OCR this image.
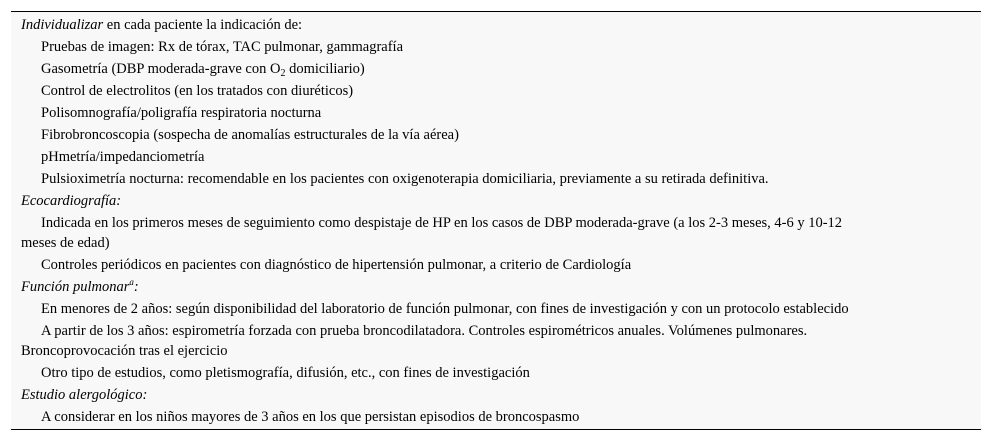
Individualizar en cada paciente la indicación de:
Pruebas de imagen: Rx de tórax, TAC pulmonar, gammagrafía
Gasometría (DBP moderada-grave con $O_2$ domiciliario)
Control de electrolitos (en los tratados con diuréticos)
Polisomnografía/poligrafía respiratoria nocturna
Fibrobroncoscopia (sospecha de anomalías estructurales de la vía aérea)
pHmetría/impedanciometría
Pulsioximetría nocturna: recomendable en los pacientes con oxigenoterapia domiciliaria, previamente a su retirada definitiva.
Ecocardiografía:
Indicada en los primeros meses de seguimiento como despistaje de HP en los casos de DBP moderada-grave (a los 2-3 meses, 4-6 y 10-12
meses de edad)
Controles periódicos en pacientes con diagnóstico de hipertensión pulmonar, a criterio de Cardiología
Función pulmonar$^a$:
En menores de 2 años: según disponibilidad del laboratorio de función pulmonar, con fines de investigación y con un protocolo establecido
A partir de los 3 años: espirometría forzada con prueba broncodilatadora. Controles espirométricos anuales. Volúmenes pulmonares.
Broncoprovocación tras el ejercicio
Otro tipo de estudios, como pletismografía, difusión, etc., con fines de investigación
Estudio alergológico:
A considerar en los niños mayores de 3 años en los que persistan episodios de broncospasmo
